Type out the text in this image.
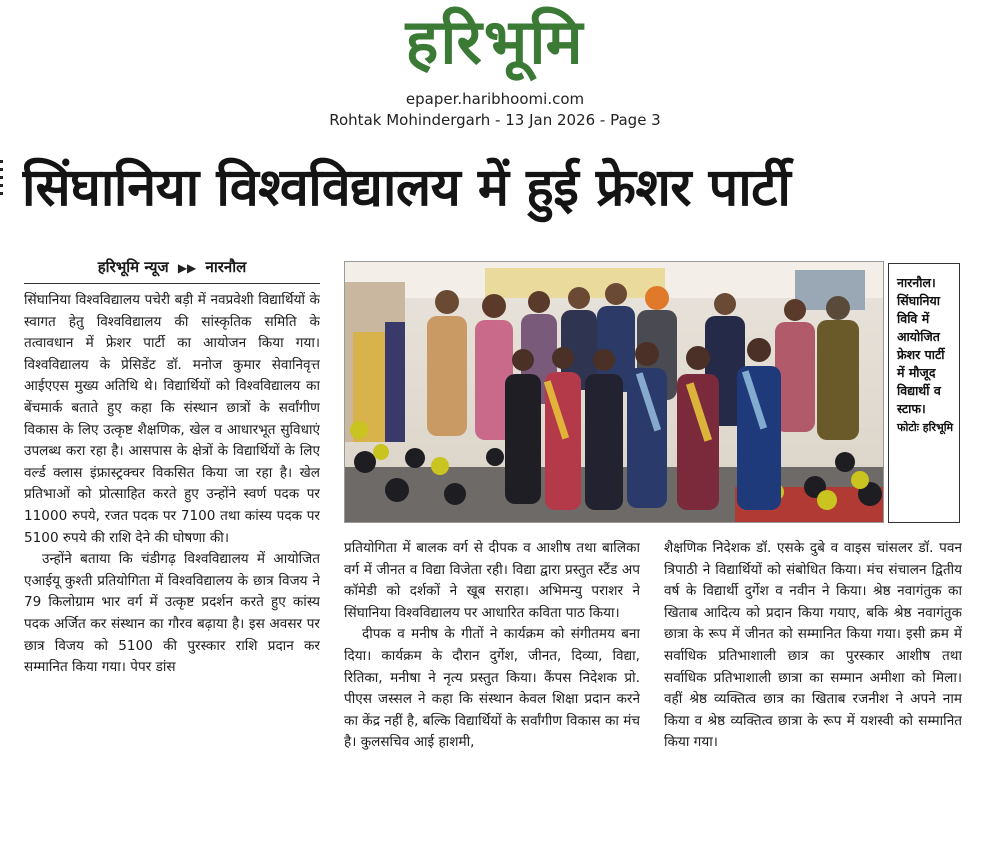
हरिभूमि
epaper.haribhoomi.com
Rohtak Mohindergarh - 13 Jan 2026 - Page 3
सिंघानिया विश्वविद्यालय में हुई फ्रेशर पार्टी
हरिभूमि न्यूज ▶▶ नारनौल

सिंघानिया विश्वविद्यालय पचेरी बड़ी में नवप्रवेशी विद्यार्थियों के स्वागत हेतु विश्वविद्यालय की सांस्कृतिक समिति के तत्वावधान में फ्रेशर पार्टी का आयोजन किया गया। विश्वविद्यालय के प्रेसिडेंट डॉ. मनोज कुमार सेवानिवृत्त आईएएस मुख्य अतिथि थे। विद्यार्थियों को विश्वविद्यालय का बेंचमार्क बताते हुए कहा कि संस्थान छात्रों के सर्वांगीण विकास के लिए उत्कृष्ट शैक्षणिक, खेल व आधारभूत सुविधाएं उपलब्ध करा रहा है। आसपास के क्षेत्रों के विद्यार्थियों के लिए वर्ल्ड क्लास इंफ्रास्ट्रक्चर विकसित किया जा रहा है। खेल प्रतिभाओं को प्रोत्साहित करते हुए उन्होंने स्वर्ण पदक पर 11000 रुपये, रजत पदक पर 7100 तथा कांस्य पदक पर 5100 रुपये की राशि देने की घोषणा की।

उन्होंने बताया कि चंडीगढ़ विश्वविद्यालय में आयोजित एआईयू कुश्ती प्रतियोगिता में विश्वविद्यालय के छात्र विजय ने 79 किलोग्राम भार वर्ग में उत्कृष्ट प्रदर्शन करते हुए कांस्य पदक अर्जित कर संस्थान का गौरव बढ़ाया है। इस अवसर पर छात्र विजय को 5100 की पुरस्कार राशि प्रदान कर सम्मानित किया गया। पेपर डांस

नारनौल।
सिंघानिया विवि में आयोजित फ्रेशर पार्टी में मौजूद विद्यार्थी व स्टाफ।
फोटोः हरिभूमि

प्रतियोगिता में बालक वर्ग से दीपक व आशीष तथा बालिका वर्ग में जीनत व विद्या विजेता रही। विद्या द्वारा प्रस्तुत स्टैंड अप कॉमेडी को दर्शकों ने खूब सराहा। अभिमन्यु पराशर ने सिंघानिया विश्वविद्यालय पर आधारित कविता पाठ किया।

दीपक व मनीष के गीतों ने कार्यक्रम को संगीतमय बना दिया। कार्यक्रम के दौरान दुर्गेश, जीनत, दिव्या, विद्या, रितिका, मनीषा ने नृत्य प्रस्तुत किया। कैंपस निदेशक प्रो. पीएस जस्सल ने कहा कि संस्थान केवल शिक्षा प्रदान करने का केंद्र नहीं है, बल्कि विद्यार्थियों के सर्वांगीण विकास का मंच है। कुलसचिव आई हाशमी,

शैक्षणिक निदेशक डॉ. एसके दुबे व वाइस चांसलर डॉ. पवन त्रिपाठी ने विद्यार्थियों को संबोधित किया। मंच संचालन द्वितीय वर्ष के विद्यार्थी दुर्गेश व नवीन ने किया। श्रेष्ठ नवागंतुक का खिताब आदित्य को प्रदान किया गयाए, बकि श्रेष्ठ नवागंतुक छात्रा के रूप में जीनत को सम्मानित किया गया। इसी क्रम में सर्वाधिक प्रतिभाशाली छात्र का पुरस्कार आशीष तथा सर्वाधिक प्रतिभाशाली छात्रा का सम्मान अमीशा को मिला। वहीं श्रेष्ठ व्यक्तित्व छात्र का खिताब रजनीश ने अपने नाम किया व श्रेष्ठ व्यक्तित्व छात्रा के रूप में यशस्वी को सम्मानित किया गया।
